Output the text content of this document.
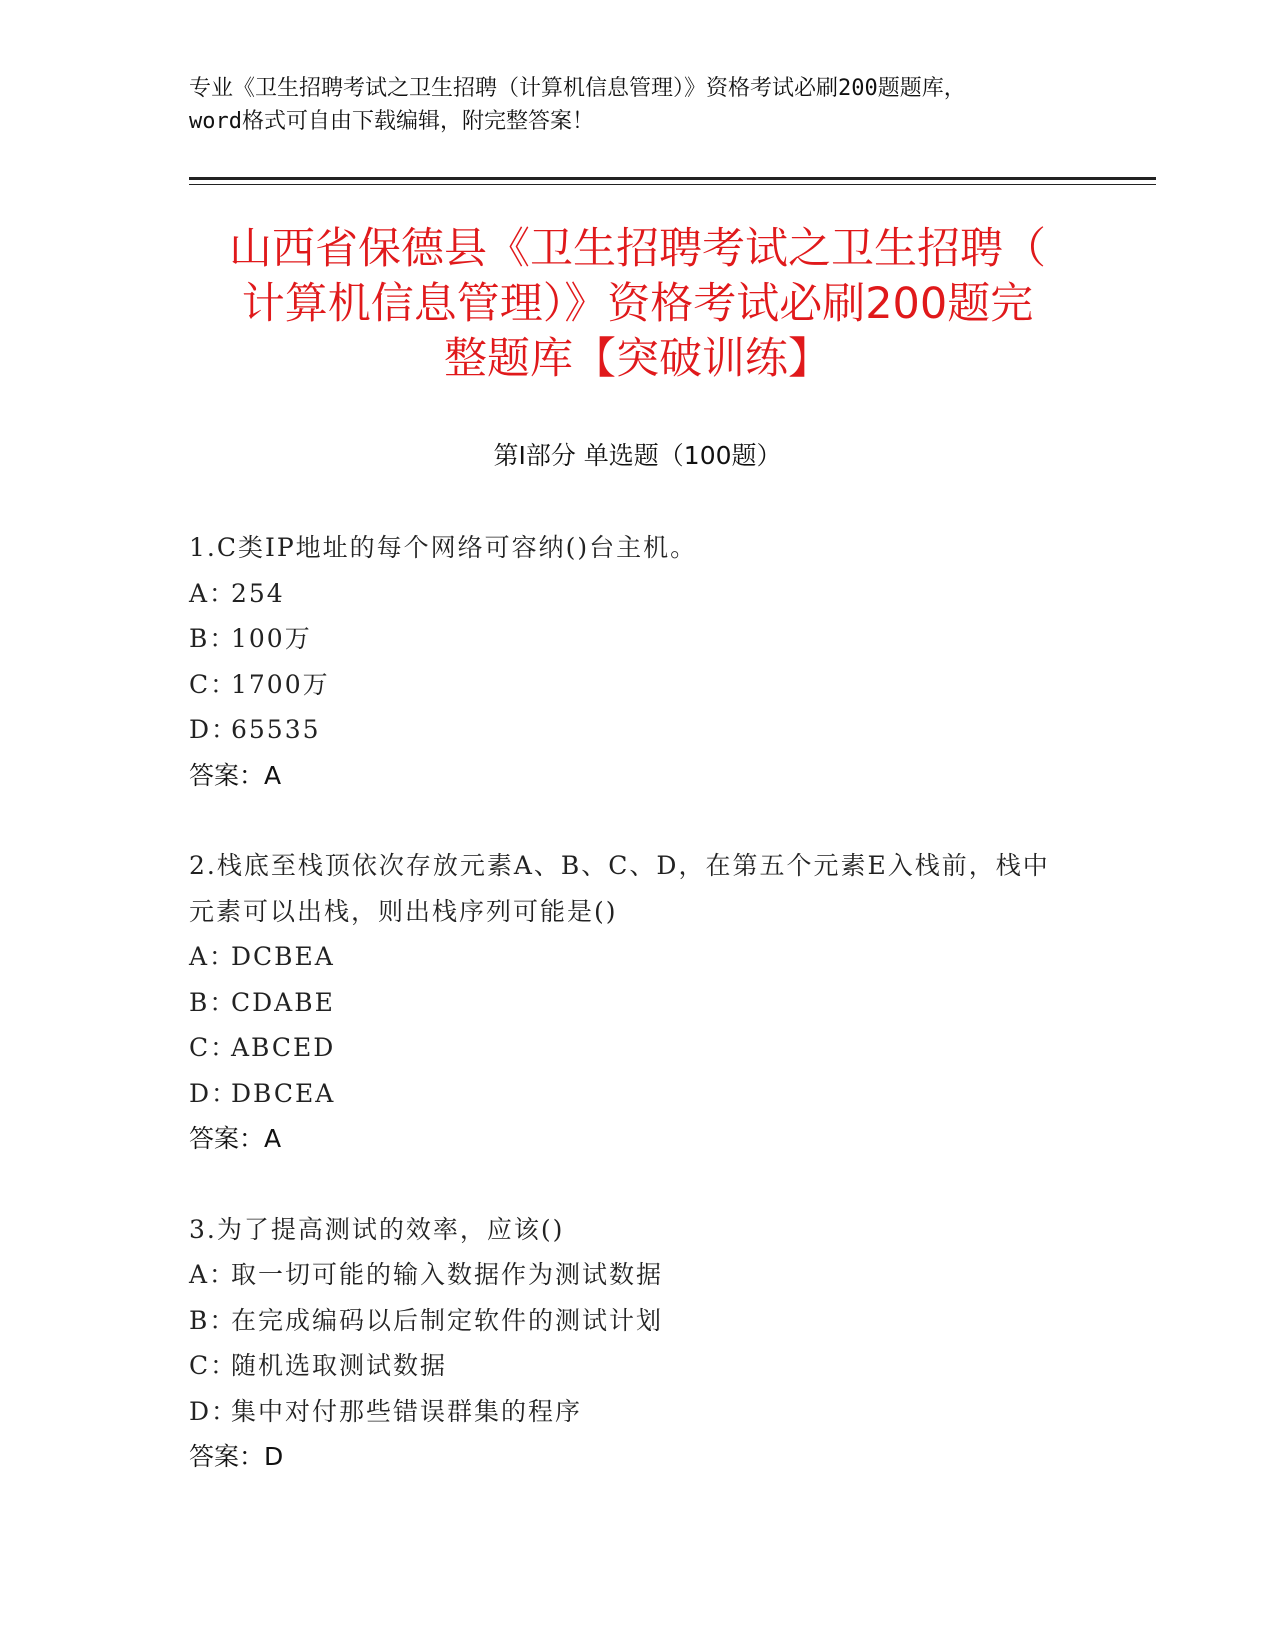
专业《卫生招聘考试之卫生招聘（计算机信息管理）》资格考试必刷200题题库，
word格式可自由下载编辑，附完整答案！
山西省保德县《卫生招聘考试之卫生招聘（
计算机信息管理）》资格考试必刷200题完
整题库【突破训练】
第I部分 单选题（100题）
1.C类IP地址的每个网络可容纳()台主机。
A：254
B：100万
C：1700万
D：65535
答案：A
2.栈底至栈顶依次存放元素A、B、C、D，在第五个元素E入栈前，栈中元素可以出栈，则出栈序列可能是()
A：DCBEA
B：CDABE
C：ABCED
D：DBCEA
答案：A
3.为了提高测试的效率，应该()
A：取一切可能的输入数据作为测试数据
B：在完成编码以后制定软件的测试计划
C：随机选取测试数据
D：集中对付那些错误群集的程序
答案：D
